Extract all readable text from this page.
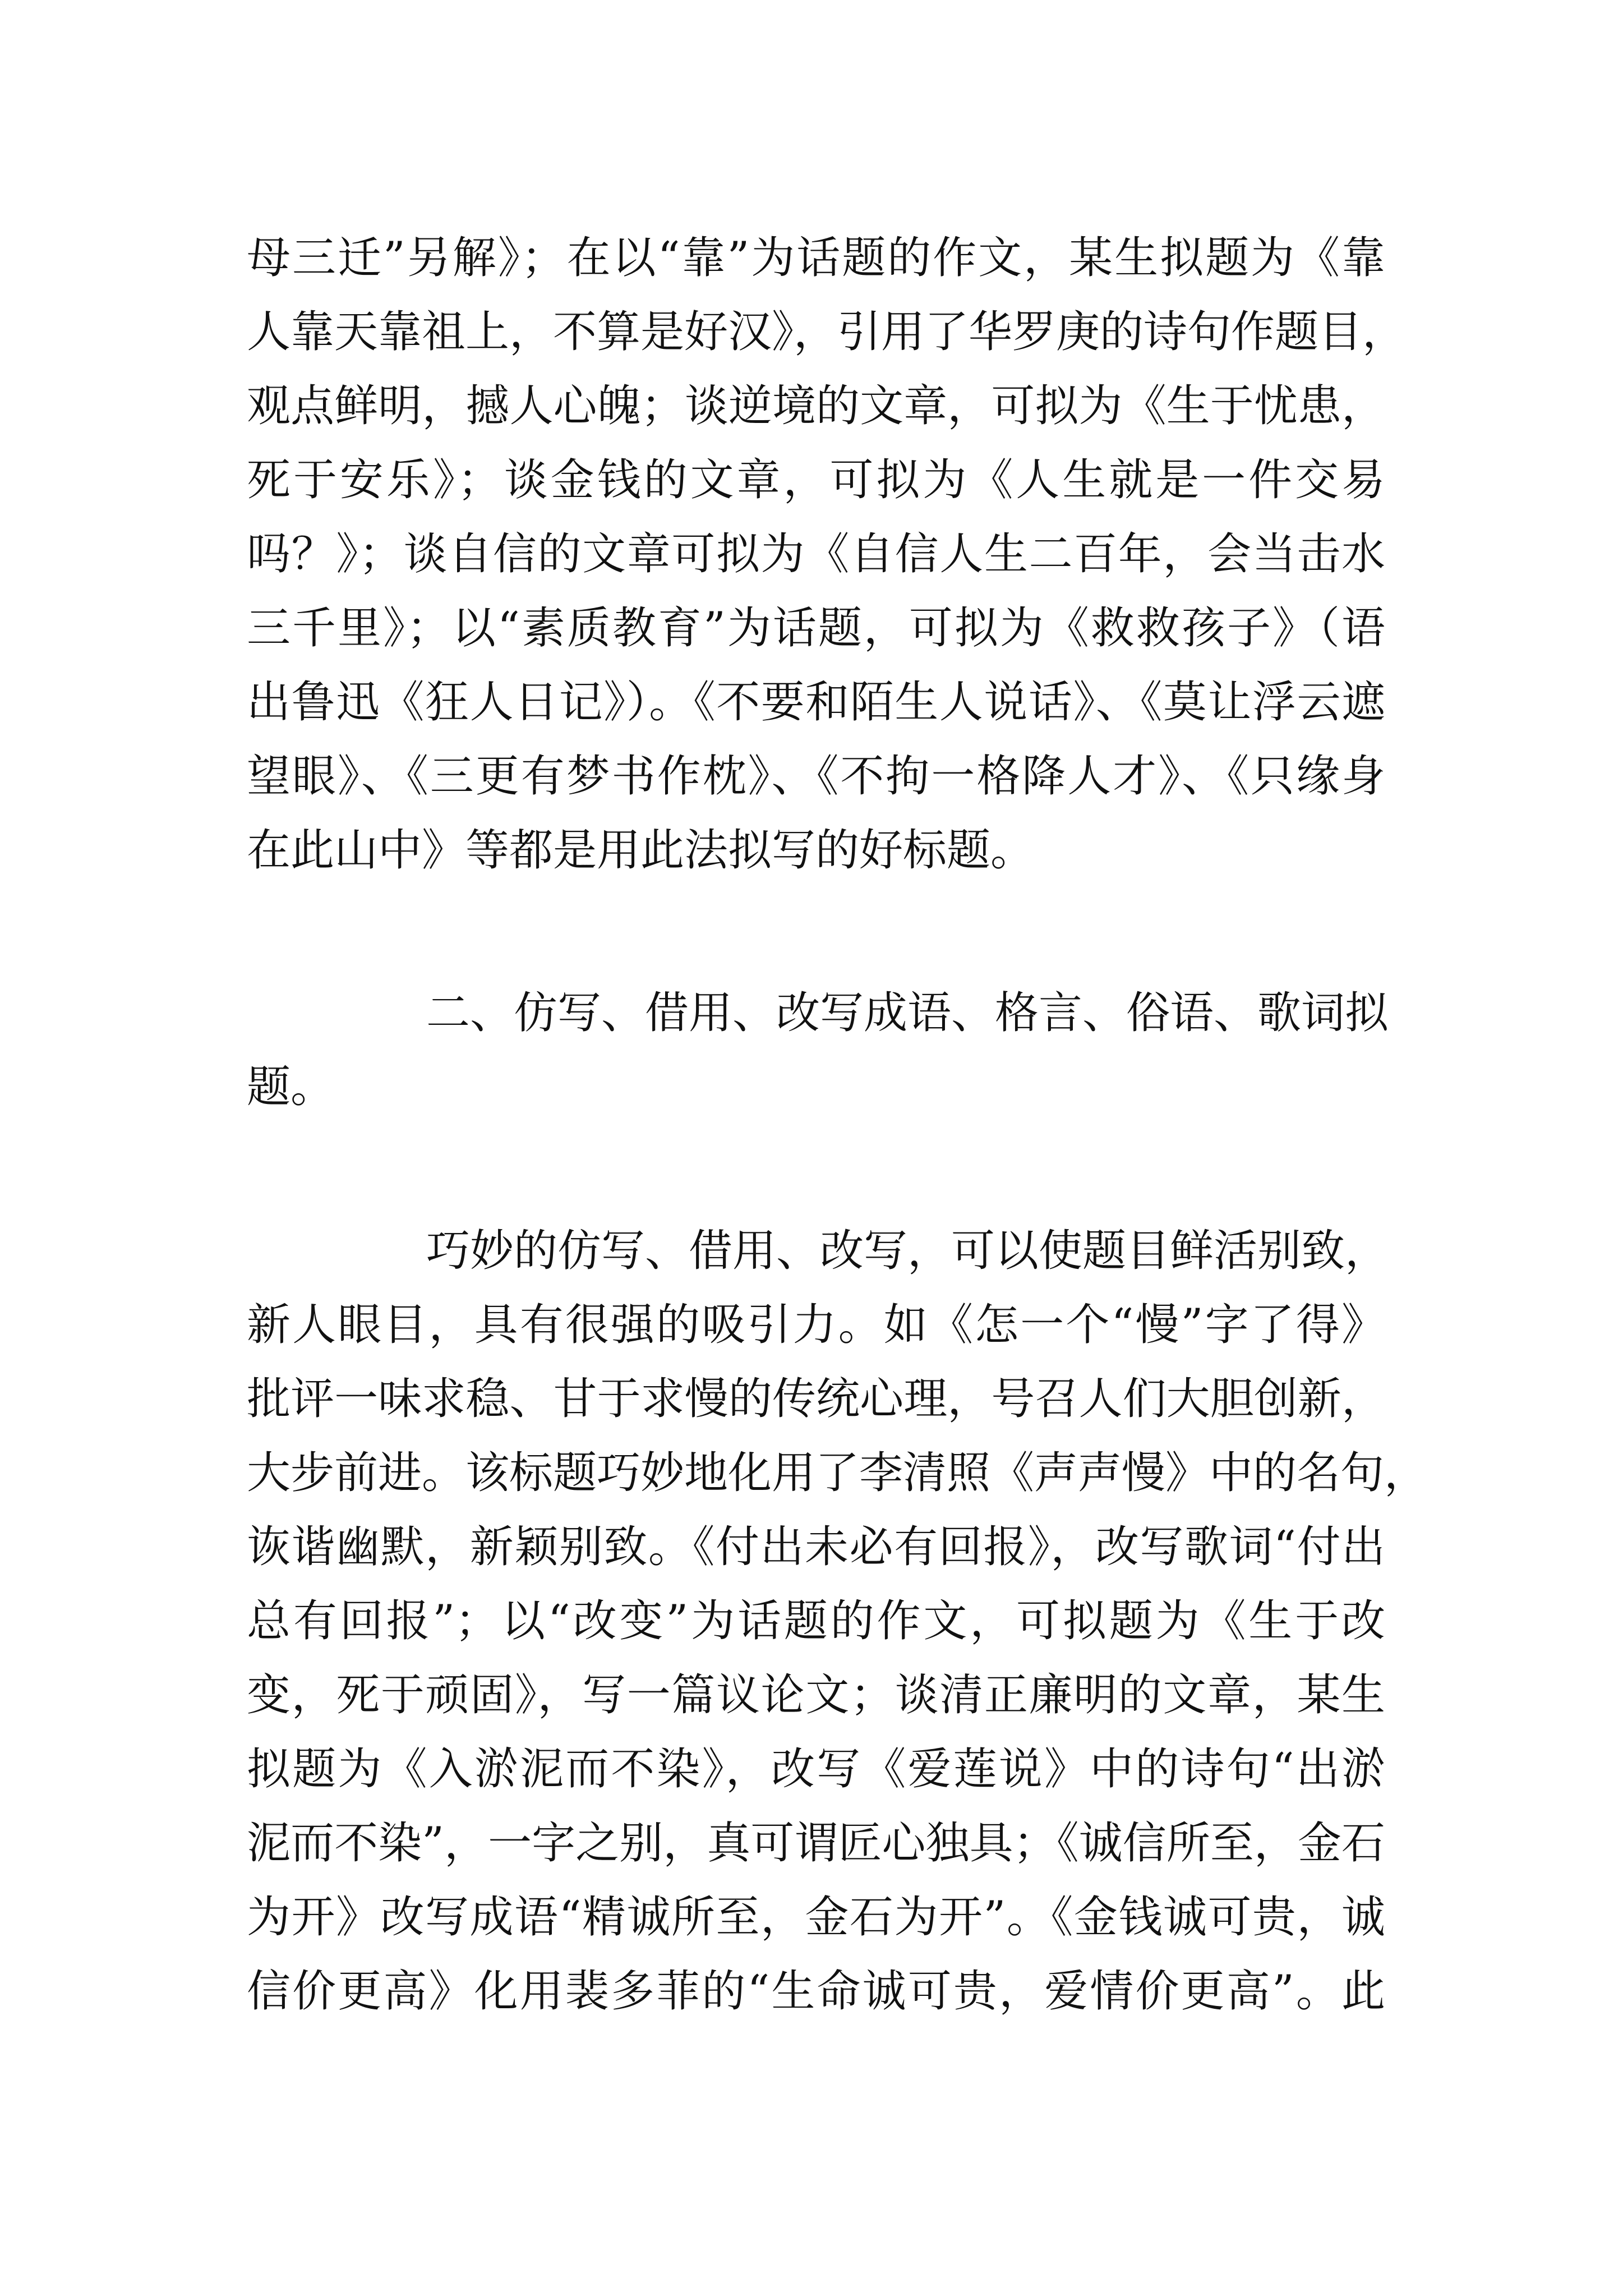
母三迁”另解》；在以“靠”为话题的作文，某生拟题为《靠
人靠天靠祖上，不算是好汉》，引用了华罗庚的诗句作题目，
观点鲜明，撼人心魄；谈逆境的文章，可拟为《生于忧患，
死于安乐》；谈金钱的文章，可拟为《人生就是一件交易
吗？》；谈自信的文章可拟为《自信人生二百年，会当击水
三千里》；以“素质教育”为话题，可拟为《救救孩子》（语
出鲁迅《狂人日记》）。《不要和陌生人说话》、《莫让浮云遮
望眼》、《三更有梦书作枕》、《不拘一格降人才》、《只缘身
在此山中》等都是用此法拟写的好标题。
二、仿写、借用、改写成语、格言、俗语、歌词拟
题。
巧妙的仿写、借用、改写，可以使题目鲜活别致，
新人眼目，具有很强的吸引力。如《怎一个“慢”字了得》
批评一味求稳、甘于求慢的传统心理，号召人们大胆创新，
大步前进。该标题巧妙地化用了李清照《声声慢》中的名句，
诙谐幽默，新颖别致。《付出未必有回报》，改写歌词“付出
总有回报”；以“改变”为话题的作文，可拟题为《生于改
变，死于顽固》，写一篇议论文；谈清正廉明的文章，某生
拟题为《入淤泥而不染》，改写《爱莲说》中的诗句“出淤
泥而不染”，一字之别，真可谓匠心独具；《诚信所至，金石
为开》改写成语“精诚所至，金石为开”。《金钱诚可贵，诚
信价更高》化用裴多菲的“生命诚可贵，爱情价更高”。此
